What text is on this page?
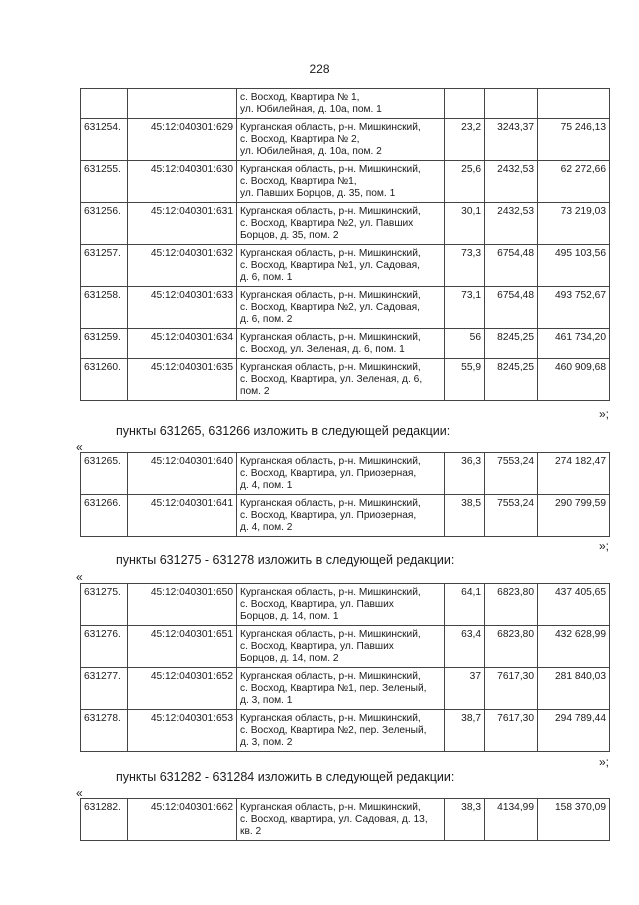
228

		с. Восход, Квартира № 1,
ул. Юбилейная, д. 10а, пом. 1			

631254.	45:12:040301:629	Курганская область, р-н. Мишкинский,
с. Восход, Квартира № 2,
ул. Юбилейная, д. 10а, пом. 2	23,2	3243,37	75 246,13
631255.	45:12:040301:630	Курганская область, р-н. Мишкинский,
с. Восход, Квартира №1,
ул. Павших Борцов, д. 35, пом. 1	25,6	2432,53	62 272,66
631256.	45:12:040301:631	Курганская область, р-н. Мишкинский,
с. Восход, Квартира №2, ул. Павших
Борцов, д. 35, пом. 2	30,1	2432,53	73 219,03
631257.	45:12:040301:632	Курганская область, р-н. Мишкинский,
с. Восход, Квартира №1, ул. Садовая,
д. 6, пом. 1	73,3	6754,48	495 103,56
631258.	45:12:040301:633	Курганская область, р-н. Мишкинский,
с. Восход, Квартира №2, ул. Садовая,
д. 6, пом. 2	73,1	6754,48	493 752,67
631259.	45:12:040301:634	Курганская область, р-н. Мишкинский,
с. Восход, ул. Зеленая, д. 6, пом. 1	56	8245,25	461 734,20
631260.	45:12:040301:635	Курганская область, р-н. Мишкинский,
с. Восход, Квартира, ул. Зеленая, д. 6,
пом. 2	55,9	8245,25	460 909,68
»;
пункты 631265, 631266 изложить в следующей редакции:
«
631265.	45:12:040301:640	Курганская область, р-н. Мишкинский,
с. Восход, Квартира, ул. Приозерная,
д. 4, пом. 1	36,3	7553,24	274 182,47
631266.	45:12:040301:641	Курганская область, р-н. Мишкинский,
с. Восход, Квартира, ул. Приозерная,
д. 4, пом. 2	38,5	7553,24	290 799,59
»;
пункты 631275 - 631278 изложить в следующей редакции:
«
631275.	45:12:040301:650	Курганская область, р-н. Мишкинский,
с. Восход, Квартира, ул. Павших
Борцов, д. 14, пом. 1	64,1	6823,80	437 405,65
631276.	45:12:040301:651	Курганская область, р-н. Мишкинский,
с. Восход, Квартира, ул. Павших
Борцов, д. 14, пом. 2	63,4	6823,80	432 628,99
631277.	45:12:040301:652	Курганская область, р-н. Мишкинский,
с. Восход, Квартира №1, пер. Зеленый,
д. 3, пом. 1	37	7617,30	281 840,03
631278.	45:12:040301:653	Курганская область, р-н. Мишкинский,
с. Восход, Квартира №2, пер. Зеленый,
д. 3, пом. 2	38,7	7617,30	294 789,44
»;
пункты 631282 - 631284 изложить в следующей редакции:
«
631282.	45:12:040301:662	Курганская область, р-н. Мишкинский,
с. Восход, квартира, ул. Садовая, д. 13,
кв. 2
	38,3	4134,99	158 370,09
